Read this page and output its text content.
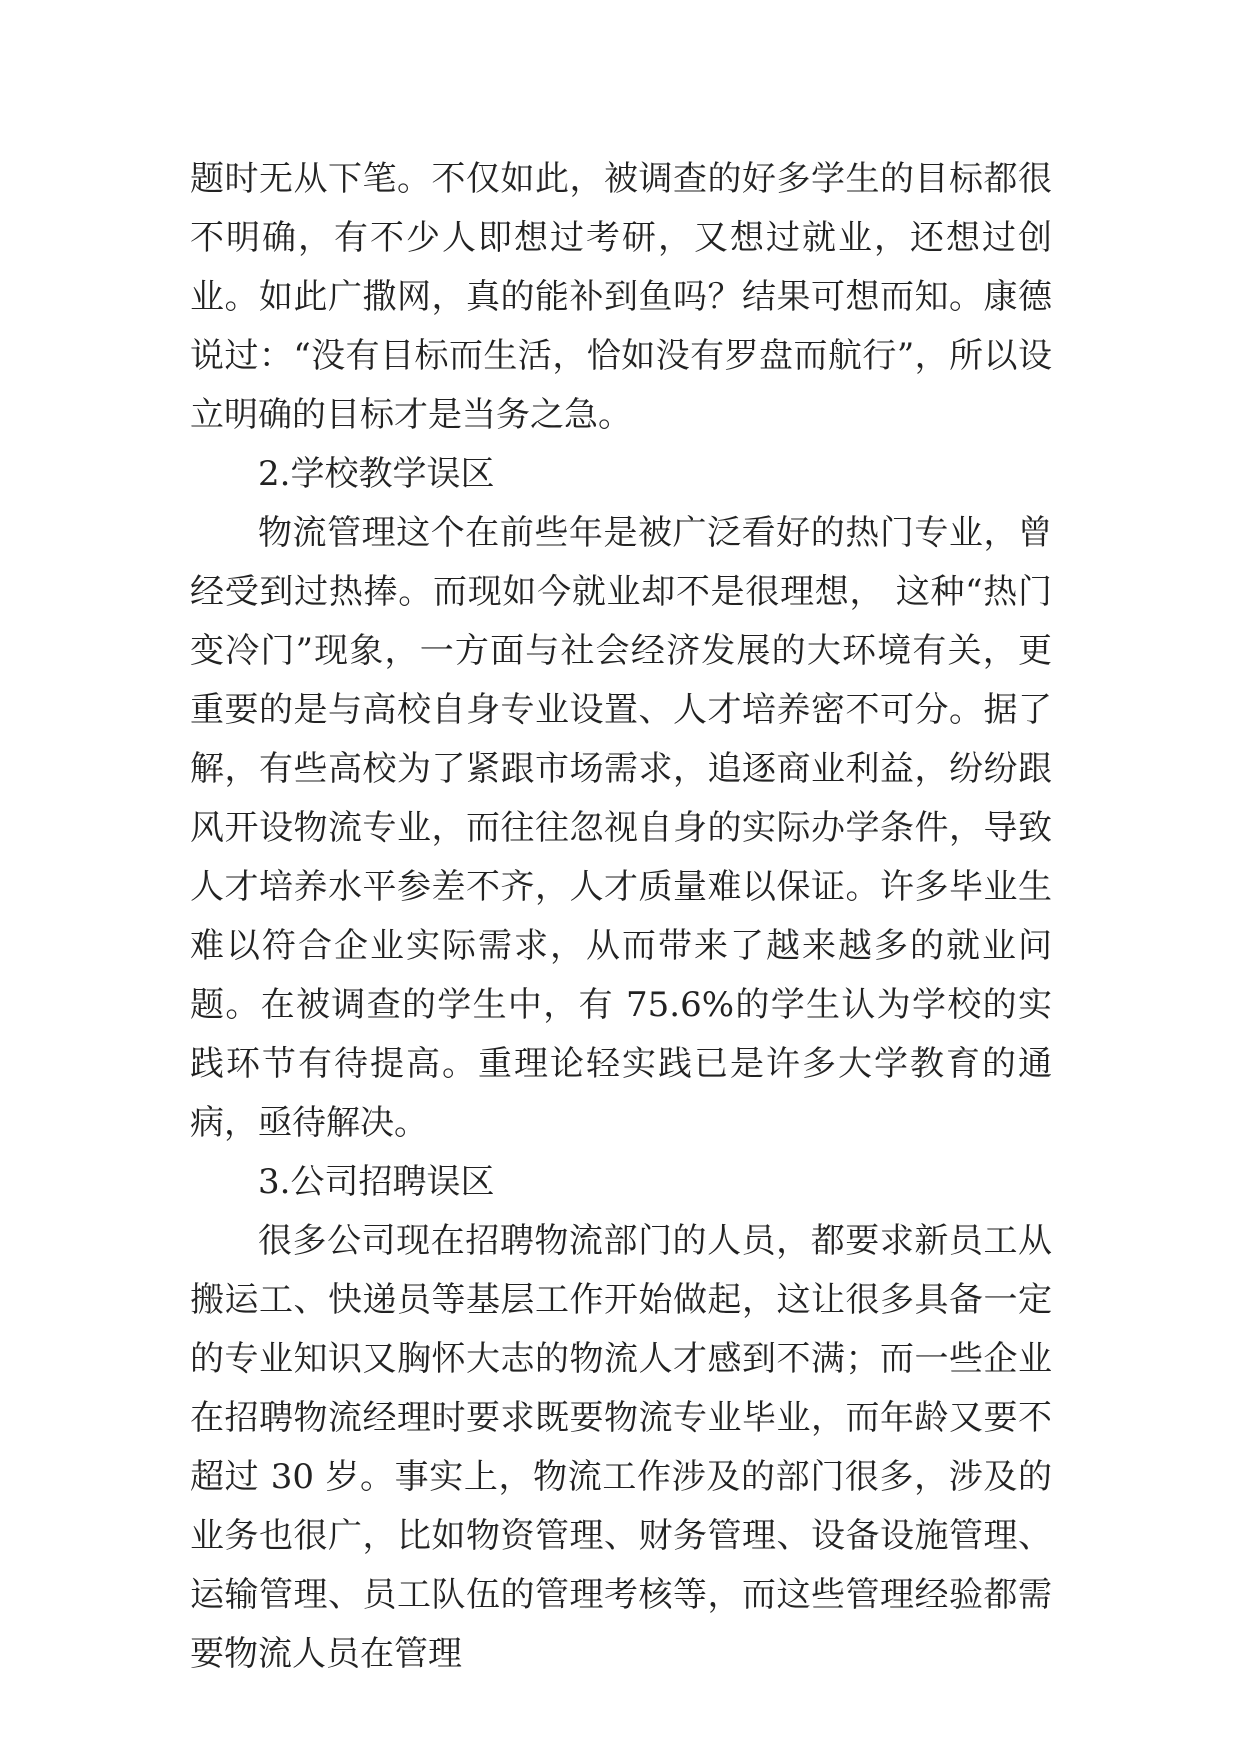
题时无从下笔。不仅如此，被调查的好多学生的目标都很不明确，有不少人即想过考研，又想过就业，还想过创业。如此广撒网，真的能补到鱼吗？结果可想而知。康德说过：“没有目标而生活，恰如没有罗盘而航行”，所以设立明确的目标才是当务之急。

2.学校教学误区

物流管理这个在前些年是被广泛看好的热门专业，曾经受到过热捧。而现如今就业却不是很理想， 这种“热门变冷门”现象，一方面与社会经济发展的大环境有关，更重要的是与高校自身专业设置、人才培养密不可分。据了解，有些高校为了紧跟市场需求，追逐商业利益，纷纷跟风开设物流专业，而往往忽视自身的实际办学条件，导致人才培养水平参差不齐，人才质量难以保证。许多毕业生难以符合企业实际需求，从而带来了越来越多的就业问题。在被调查的学生中，有 75.6%的学生认为学校的实践环节有待提高。重理论轻实践已是许多大学教育的通病，亟待解决。

3.公司招聘误区

很多公司现在招聘物流部门的人员，都要求新员工从搬运工、快递员等基层工作开始做起，这让很多具备一定的专业知识又胸怀大志的物流人才感到不满；而一些企业在招聘物流经理时要求既要物流专业毕业，而年龄又要不超过 30 岁。事实上，物流工作涉及的部门很多，涉及的业务也很广，比如物资管理、财务管理、设备设施管理、运输管理、员工队伍的管理考核等，而这些管理经验都需要物流人员在管理
